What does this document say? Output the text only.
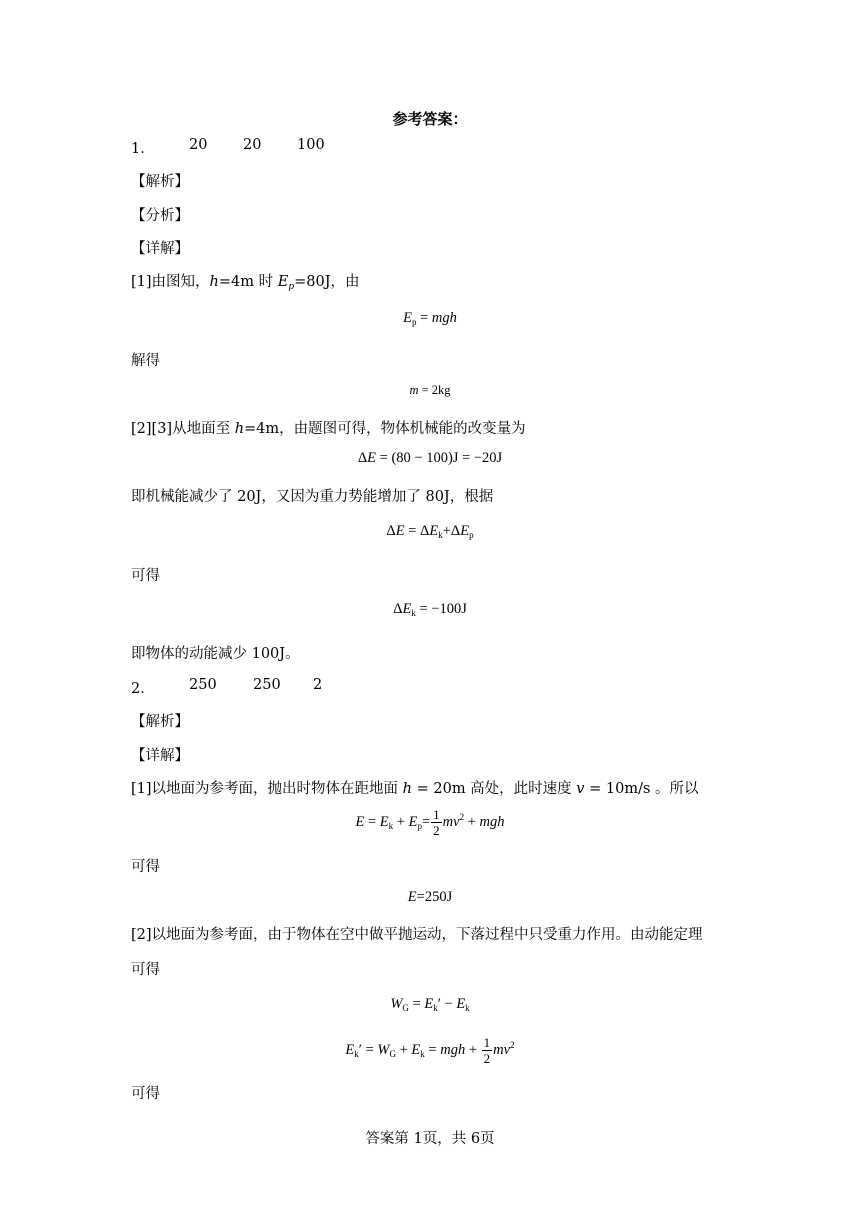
参考答案：
1． 20 20 100
【解析】
【分析】
【详解】
[1]由图知，h=4m 时 $E_p=80J$，由
$E_p$ = mgh
解得
m = 2kg
[2][3]从地面至 h=4m，由题图可得，物体机械能的改变量为
ΔE = (80 − 100)J = −20J
即机械能减少了 20J，又因为重力势能增加了 80J，根据
$\Delta E = \Delta E_k+\Delta E_p$
可得
$\Delta E_k = -100J$
即物体的动能减少 100J。
2． 250	250 2
【解析】
【详解】
[1]以地面为参考面，抛出时物体在距地面 h = 20m 高处，此时速度 v = 10m/s 。所以
$E = E_k + E_p= \frac{1}{2} mv^2$ + mgh
可得
E=250J
[2]以地面为参考面，由于物体在空中做平抛运动，下落过程中只受重力作用。由动能定理
可得
$W_G = E_k' - E_k$
$E_k' = W_G + E_k$ = mgh + $\frac{1}{2} mv^2$
可得
答案第 1页，共 6页
